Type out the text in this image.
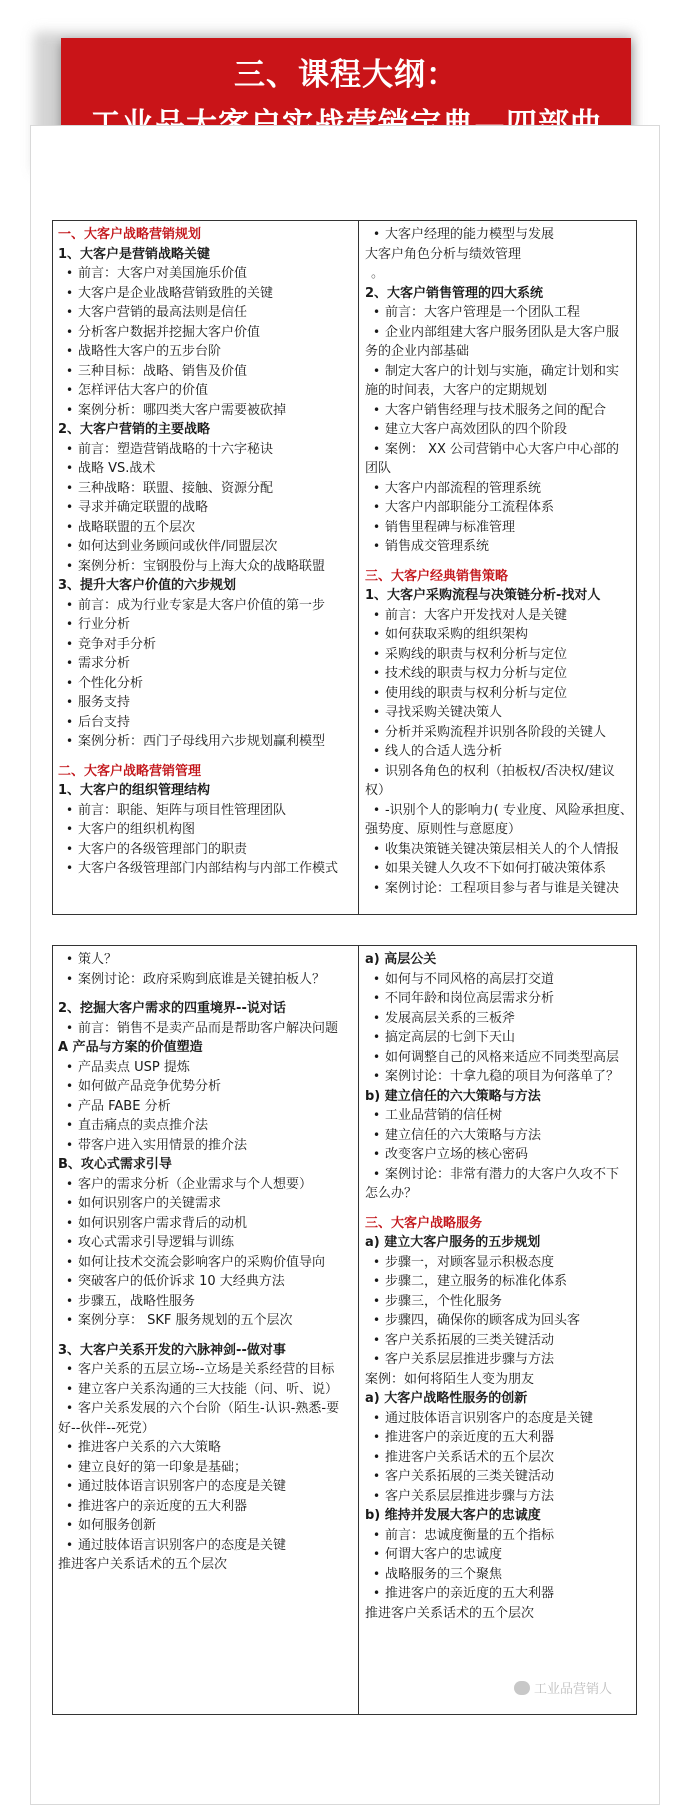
三、课程大纲：
一、大客户战略营销规划
1、大客户是营销战略关键
• 前言：大客户对美国施乐价值
• 大客户是企业战略营销致胜的关键
• 大客户营销的最高法则是信任
• 分析客户数据并挖掘大客户价值
• 战略性大客户的五步台阶
• 三种目标：战略、销售及价值
• 怎样评估大客户的价值
• 案例分析：哪四类大客户需要被砍掉
2、大客户营销的主要战略
• 前言：塑造营销战略的十六字秘诀
• 战略 VS.战术
• 三种战略：联盟、接触、资源分配
• 寻求并确定联盟的战略
• 战略联盟的五个层次
• 如何达到业务顾问或伙伴/同盟层次
• 案例分析：宝钢股份与上海大众的战略联盟
3、提升大客户价值的六步规划
• 前言：成为行业专家是大客户价值的第一步
• 行业分析
• 竞争对手分析
• 需求分析
• 个性化分析
• 服务支持
• 后台支持
• 案例分析：西门子母线用六步规划赢利模型
二、大客户战略营销管理
1、大客户的组织管理结构
• 前言：职能、矩阵与项目性管理团队
• 大客户的组织机构图
• 大客户的各级管理部门的职责
• 大客户各级管理部门内部结构与内部工作模式
• 大客户经理的能力模型与发展
大客户角色分析与绩效管理
。
2、大客户销售管理的四大系统
• 前言：大客户管理是一个团队工程
• 企业内部组建大客户服务团队是大客户服
务的企业内部基础
• 制定大客户的计划与实施，确定计划和实
施的时间表，大客户的定期规划
• 大客户销售经理与技术服务之间的配合
• 建立大客户高效团队的四个阶段
• 案例： XX 公司营销中心大客户中心部的
团队
• 大客户内部流程的管理系统
• 大客户内部职能分工流程体系
• 销售里程碑与标准管理
• 销售成交管理系统
三、大客户经典销售策略
1、大客户采购流程与决策链分析-找对人
• 前言：大客户开发找对人是关键
• 如何获取采购的组织架构
• 采购线的职责与权利分析与定位
• 技术线的职责与权力分析与定位
• 使用线的职责与权利分析与定位
• 寻找采购关键决策人
• 分析并采购流程并识别各阶段的关键人
• 线人的合适人选分析
• 识别各角色的权利（拍板权/否决权/建议
权）
• -识别个人的影响力( 专业度、风险承担度、
强势度、原则性与意愿度）
• 收集决策链关键决策层相关人的个人情报
• 如果关键人久攻不下如何打破决策体系
• 案例讨论：工程项目参与者与谁是关键决
• 策人？
• 案例讨论：政府采购到底谁是关键拍板人？
2、挖掘大客户需求的四重境界--说对话
• 前言：销售不是卖产品而是帮助客户解决问题
A 产品与方案的价值塑造
• 产品卖点 USP 提炼
• 如何做产品竞争优势分析
• 产品 FABE 分析
• 直击痛点的卖点推介法
• 带客户进入实用情景的推介法
B、攻心式需求引导
• 客户的需求分析（企业需求与个人想要）
• 如何识别客户的关键需求
• 如何识别客户需求背后的动机
• 攻心式需求引导逻辑与训练
• 如何让技术交流会影响客户的采购价值导向
• 突破客户的低价诉求 10 大经典方法
• 步骤五，战略性服务
• 案例分享： SKF 服务规划的五个层次
3、大客户关系开发的六脉神剑--做对事
• 客户关系的五层立场--立场是关系经营的目标
• 建立客户关系沟通的三大技能（问、听、说）
• 客户关系发展的六个台阶（陌生-认识-熟悉-要
好--伙伴--死党）
• 推进客户关系的六大策略
• 建立良好的第一印象是基础；
• 通过肢体语言识别客户的态度是关键
• 推进客户的亲近度的五大利器
• 如何服务创新
• 通过肢体语言识别客户的态度是关键
推进客户关系话术的五个层次
a) 高层公关
• 如何与不同风格的高层打交道
• 不同年龄和岗位高层需求分析
• 发展高层关系的三板斧
• 搞定高层的七剑下天山
• 如何调整自己的风格来适应不同类型高层
• 案例讨论：十拿九稳的项目为何落单了？
b) 建立信任的六大策略与方法
• 工业品营销的信任树
• 建立信任的六大策略与方法
• 改变客户立场的核心密码
• 案例讨论：非常有潜力的大客户久攻不下
怎么办？
三、大客户战略服务
a) 建立大客户服务的五步规划
• 步骤一，对顾客显示积极态度
• 步骤二，建立服务的标准化体系
• 步骤三，个性化服务
• 步骤四，确保你的顾客成为回头客
• 客户关系拓展的三类关键活动
• 客户关系层层推进步骤与方法
案例：如何将陌生人变为朋友
a) 大客户战略性服务的创新
• 通过肢体语言识别客户的态度是关键
• 推进客户的亲近度的五大利器
• 推进客户关系话术的五个层次
• 客户关系拓展的三类关键活动
• 客户关系层层推进步骤与方法
b) 维持并发展大客户的忠诚度
• 前言：忠诚度衡量的五个指标
• 何谓大客户的忠诚度
• 战略服务的三个聚焦
• 推进客户的亲近度的五大利器
推进客户关系话术的五个层次
工业品营销人
